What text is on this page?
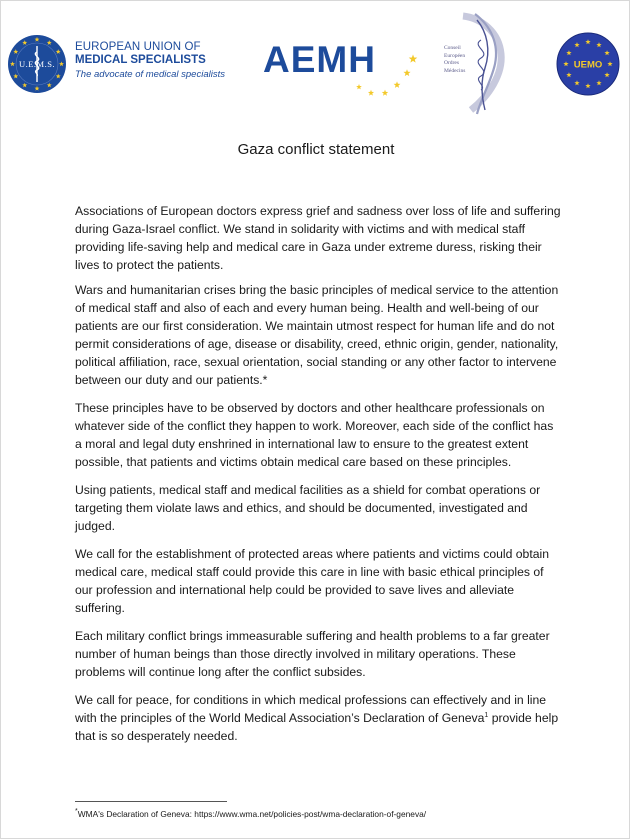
U.E.M.S.
EUROPEAN UNION OF
MEDICAL SPECIALISTS
The advocate of medical specialists AEMH	Conseil
Européen
Ordres
Médecins	UEMO
Gaza conflict statement

Associations of European doctors express grief and sadness over loss of life and suffering during Gaza-Israel conflict. We stand in solidarity with victims and with medical staff providing life-saving help and medical care in Gaza under extreme duress, risking their lives to protect the patients.

Wars and humanitarian crises bring the basic principles of medical service to the attention of medical staff and also of each and every human being. Health and well-being of our patients are our first consideration. We maintain utmost respect for human life and do not permit considerations of age, disease or disability, creed, ethnic origin, gender, nationality, political affiliation, race, sexual orientation, social standing or any other factor to intervene between our duty and our patients.*

These principles have to be observed by doctors and other healthcare professionals on whatever side of the conflict they happen to work. Moreover, each side of the conflict has a moral and legal duty enshrined in international law to ensure to the greatest extent possible, that patients and victims obtain medical care based on these principles.

Using patients, medical staff and medical facilities as a shield for combat operations or targeting them violate laws and ethics, and should be documented, investigated and judged.

We call for the establishment of protected areas where patients and victims could obtain medical care, medical staff could provide this care in line with basic ethical principles of our profession and international help could be provided to save lives and alleviate suffering.

Each military conflict brings immeasurable suffering and health problems to a far greater number of human beings than those directly involved in military operations. These problems will continue long after the conflict subsides.

We call for peace, for conditions in which medical professions can effectively and in line with the principles of the World Medical Association’s Declaration of Geneva$^1$ provide help that is so desperately needed.

*WMA's Declaration of Geneva: https://www.wma.net/policies-post/wma-declaration-of-geneva/
